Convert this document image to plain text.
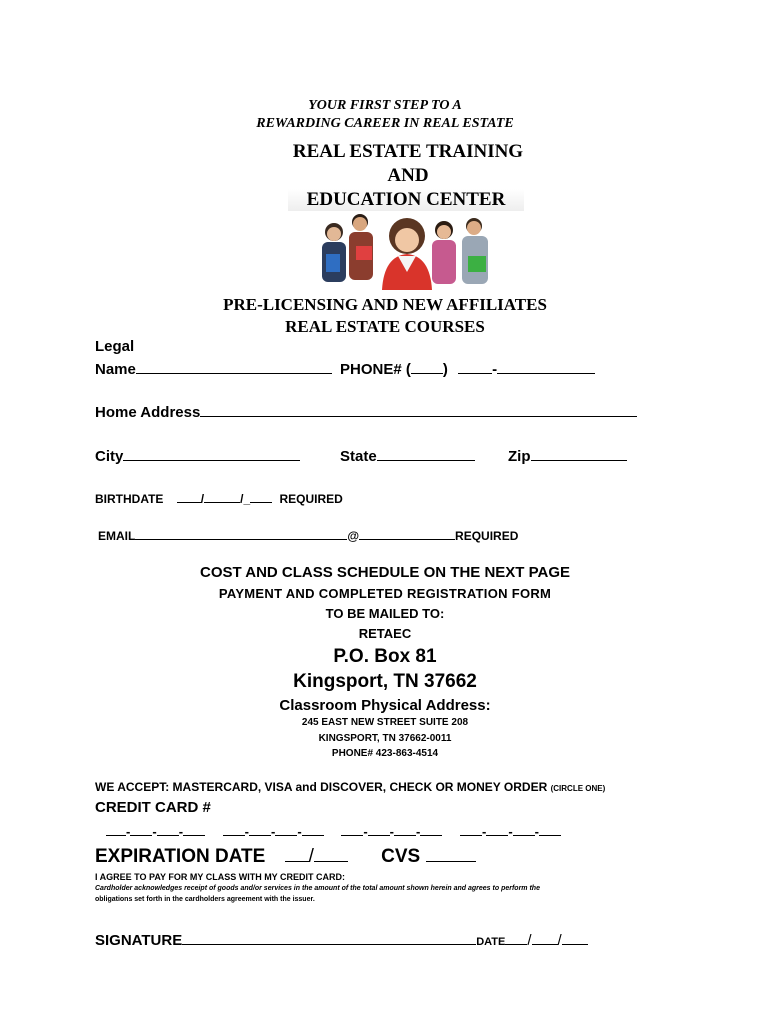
YOUR FIRST STEP TO A
REWARDING CAREER IN REAL ESTATE
REAL ESTATE TRAINING
AND
EDUCATION CENTER
PRE-LICENSING AND NEW AFFILIATES
REAL ESTATE COURSES
Legal
Name	PHONE# ( )	-
Home Address
City	State	Zip
BIRTHDATE	/	/_ REQUIRED
EMAIL	@	REQUIRED
COST AND CLASS SCHEDULE ON THE NEXT PAGE
PAYMENT AND COMPLETED REGISTRATION FORM
TO BE MAILED TO:
RETAEC
P.O. Box 81
Kingsport, TN 37662
Classroom Physical Address:
245 EAST NEW STREET SUITE 208
KINGSPORT, TN 37662-0011
PHONE# 423-863-4514
WE ACCEPT: MASTERCARD, VISA and DISCOVER, CHECK OR MONEY ORDER (CIRCLE ONE)
CREDIT CARD #
- - -	- - -	- - -	- - -
EXPIRATION DATE /	CVS
I AGREE TO PAY FOR MY CLASS WITH MY CREDIT CARD:
Cardholder acknowledges receipt of goods and/or services in the amount of the total amount shown herein and agrees to perform the
obligations set forth in the cardholders agreement with the issuer.
SIGNATURE	DATE / /
